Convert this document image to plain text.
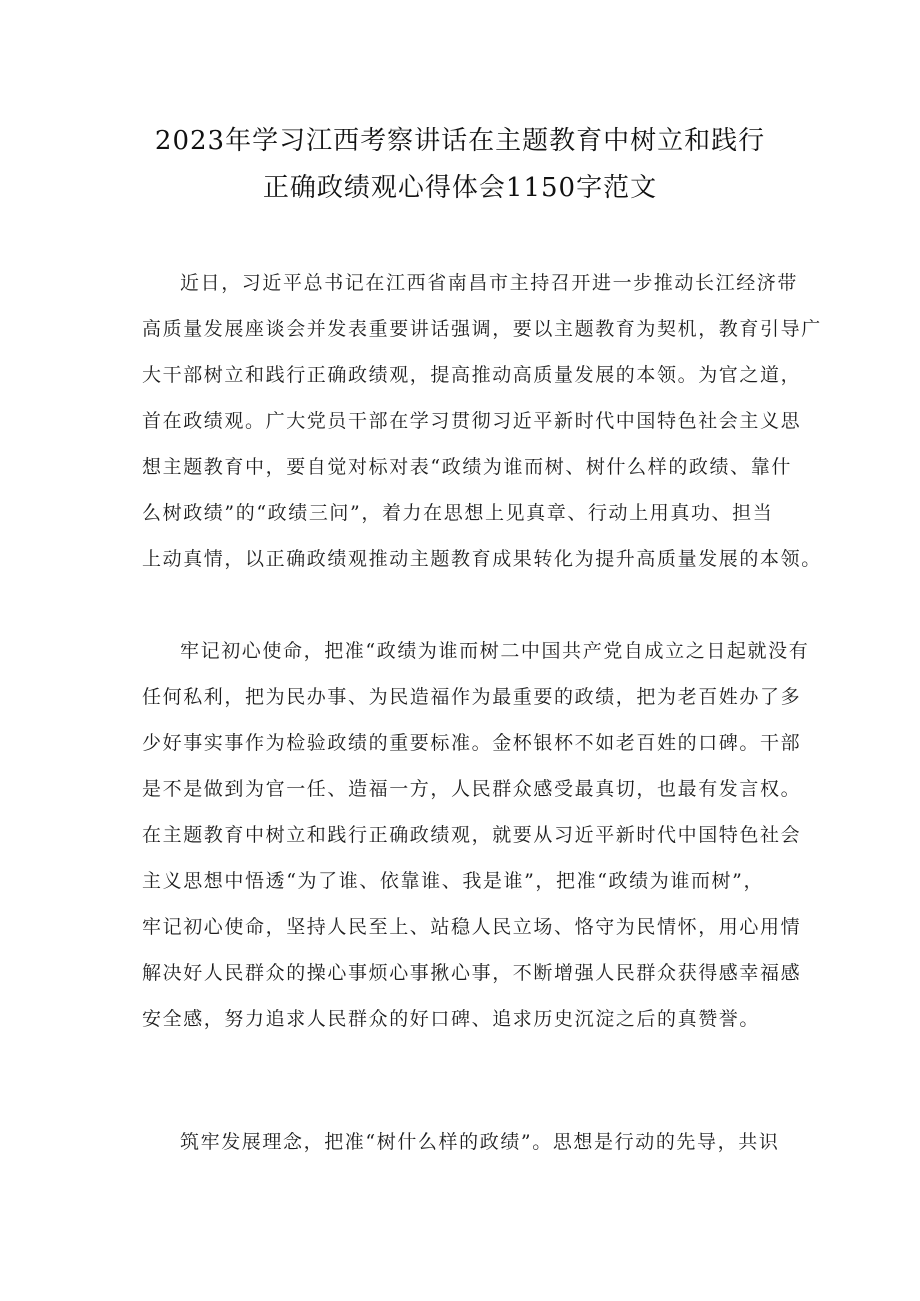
2023年学习江西考察讲话在主题教育中树立和践行
正确政绩观心得体会1150字范文
近日，习近平总书记在江西省南昌市主持召开进一步推动长江经济带
高质量发展座谈会并发表重要讲话强调，要以主题教育为契机，教育引导广
大干部树立和践行正确政绩观，提高推动高质量发展的本领。为官之道，
首在政绩观。广大党员干部在学习贯彻习近平新时代中国特色社会主义思
想主题教育中，要自觉对标对表“政绩为谁而树、树什么样的政绩、靠什
么树政绩”的“政绩三问”，着力在思想上见真章、行动上用真功、担当
上动真情，以正确政绩观推动主题教育成果转化为提升高质量发展的本领。
牢记初心使命，把准“政绩为谁而树二中国共产党自成立之日起就没有
任何私利，把为民办事、为民造福作为最重要的政绩，把为老百姓办了多
少好事实事作为检验政绩的重要标准。金杯银杯不如老百姓的口碑。干部
是不是做到为官一任、造福一方，人民群众感受最真切，也最有发言权。
在主题教育中树立和践行正确政绩观，就要从习近平新时代中国特色社会
主义思想中悟透“为了谁、依靠谁、我是谁”，把准“政绩为谁而树”，
牢记初心使命，坚持人民至上、站稳人民立场、恪守为民情怀，用心用情
解决好人民群众的操心事烦心事揪心事，不断增强人民群众获得感幸福感
安全感，努力追求人民群众的好口碑、追求历史沉淀之后的真赞誉。
筑牢发展理念，把准“树什么样的政绩”。思想是行动的先导，共识
